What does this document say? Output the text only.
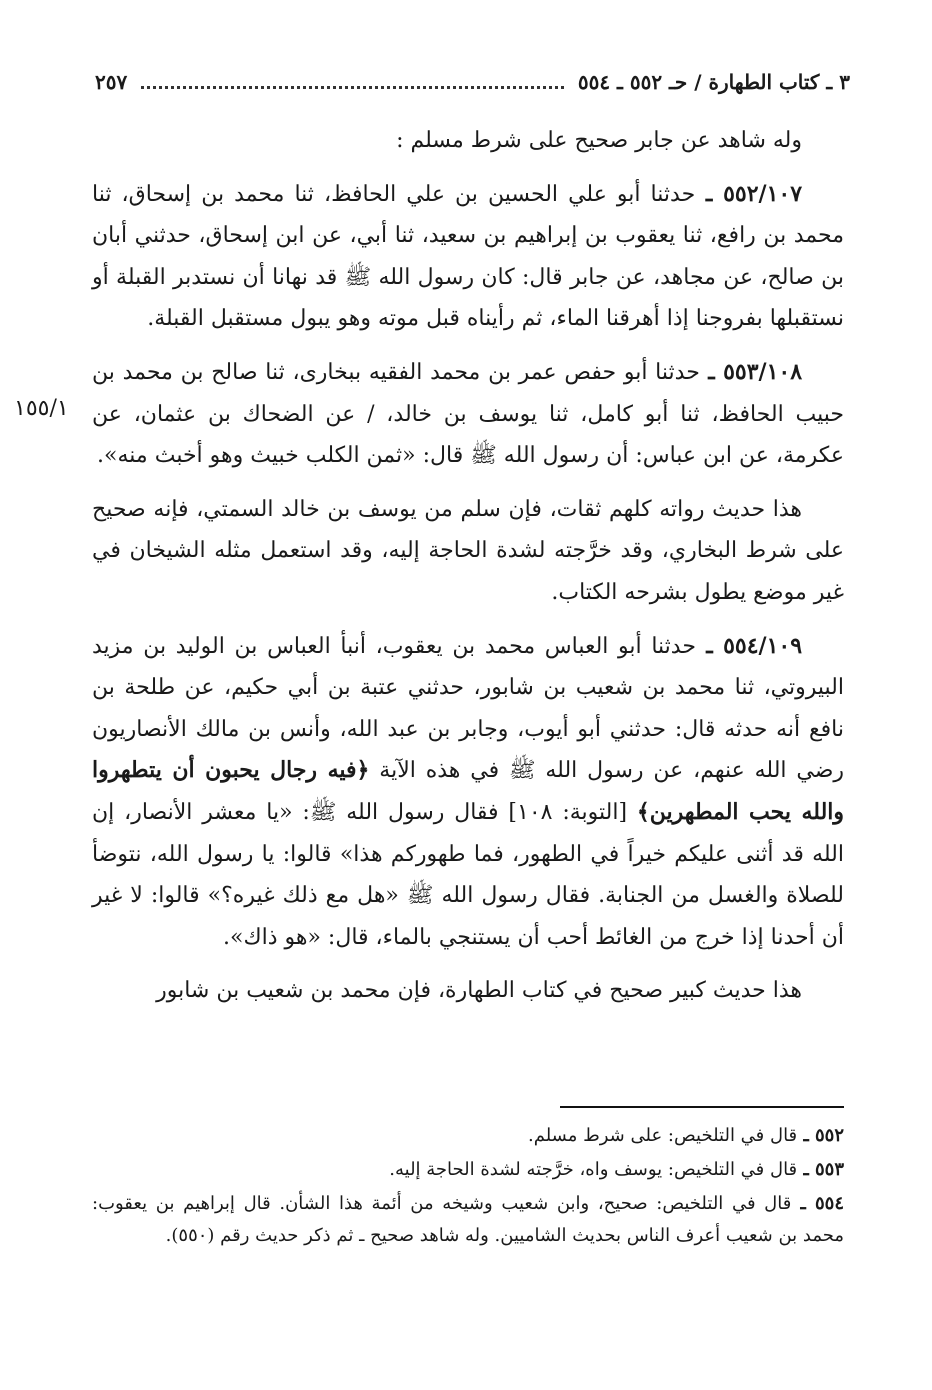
٣ ـ كتاب الطهارة / حـ ٥٥٢ ـ ٥٥٤
٢٥٧
١٥٥/١

وله شاهد عن جابر صحيح على شرط مسلم :

٥٥٢/١٠٧ ـ حدثنا أبو علي الحسين بن علي الحافظ، ثنا محمد بن إسحاق، ثنا محمد بن رافع، ثنا يعقوب بن إبراهيم بن سعيد، ثنا أبي، عن ابن إسحاق، حدثني أبان بن صالح، عن مجاهد، عن جابر قال: كان رسول الله ﷺ قد نهانا أن نستدبر القبلة أو نستقبلها بفروجنا إذا أهرقنا الماء، ثم رأيناه قبل موته وهو يبول مستقبل القبلة.

٥٥٣/١٠٨ ـ حدثنا أبو حفص عمر بن محمد الفقيه ببخارى، ثنا صالح بن محمد بن حبيب الحافظ، ثنا أبو كامل، ثنا يوسف بن خالد، / عن الضحاك بن عثمان، عن عكرمة، عن ابن عباس: أن رسول الله ﷺ قال: «ثمن الكلب خبيث وهو أخبث منه».

هذا حديث رواته كلهم ثقات، فإن سلم من يوسف بن خالد السمتي، فإنه صحيح على شرط البخاري، وقد خرَّجته لشدة الحاجة إليه، وقد استعمل مثله الشيخان في غير موضع يطول بشرحه الكتاب.

٥٥٤/١٠٩ ـ حدثنا أبو العباس محمد بن يعقوب، أنبأ العباس بن الوليد بن مزيد البيروتي، ثنا محمد بن شعيب بن شابور، حدثني عتبة بن أبي حكيم، عن طلحة بن نافع أنه حدثه قال: حدثني أبو أيوب، وجابر بن عبد الله، وأنس بن مالك الأنصاريون رضي الله عنهم، عن رسول الله ﷺ في هذه الآية ﴿فيه رجال يحبون أن يتطهروا والله يحب المطهرين﴾ [التوبة: ١٠٨] فقال رسول الله ﷺ: «يا معشر الأنصار، إن الله قد أثنى عليكم خيراً في الطهور، فما طهوركم هذا» قالوا: يا رسول الله، نتوضأ للصلاة والغسل من الجنابة. فقال رسول الله ﷺ «هل مع ذلك غيره؟» قالوا: لا غير أن أحدنا إذا خرج من الغائط أحب أن يستنجي بالماء، قال: «هو ذاك».

هذا حديث كبير صحيح في كتاب الطهارة، فإن محمد بن شعيب بن شابور

٥٥٢ ـ قال في التلخيص: على شرط مسلم.

٥٥٣ ـ قال في التلخيص: يوسف واه، خرَّجته لشدة الحاجة إليه.

٥٥٤ ـ قال في التلخيص: صحيح، وابن شعيب وشيخه من أئمة هذا الشأن. قال إبراهيم بن يعقوب: محمد بن شعيب أعرف الناس بحديث الشاميين. وله شاهد صحيح ـ ثم ذكر حديث رقم (٥٥٠).
